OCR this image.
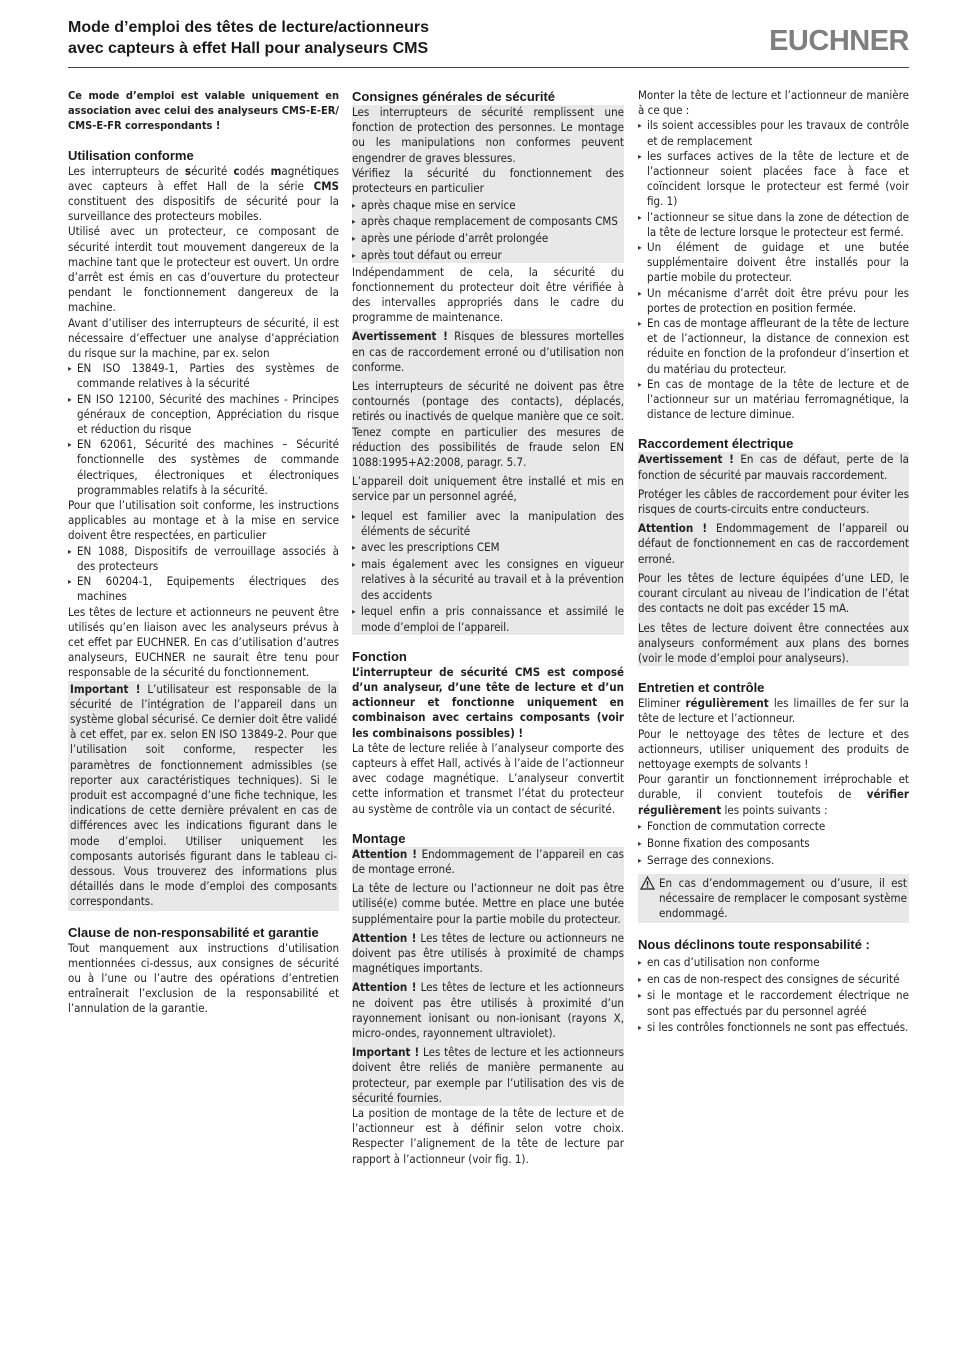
Mode d’emploi des têtes de lecture/actionneurs
avec capteurs à effet Hall pour analyseurs CMS	EUCHNER

Ce mode d’emploi est valable uniquement en association avec celui des analyseurs CMS-E-ER/ CMS-E-FR correspondants !

Utilisation conforme

Les interrupteurs de sécurité codés magnétiques avec capteurs à effet Hall de la série CMS constituent des dispositifs de sécurité pour la surveillance des protecteurs mobiles.

Utilisé avec un protecteur, ce composant de sécurité interdit tout mouvement dangereux de la machine tant que le protecteur est ouvert. Un ordre d’arrêt est émis en cas d’ouverture du protecteur pendant le fonctionnement dangereux de la machine.

Avant d’utiliser des interrupteurs de sécurité, il est nécessaire d’effectuer une analyse d’appréciation du risque sur la machine, par ex. selon

▸ EN ISO 13849-1, Parties des systèmes de commande relatives à la sécurité
▸ EN ISO 12100, Sécurité des machines - Principes généraux de conception, Appréciation du risque et réduction du risque
▸ EN 62061, Sécurité des machines – Sécurité fonctionnelle des systèmes de commande électriques, électroniques et électroniques programmables relatifs à la sécurité.

Pour que l’utilisation soit conforme, les instructions applicables au montage et à la mise en service doivent être respectées, en particulier

▸ EN 1088, Dispositifs de verrouillage associés à des protecteurs
▸ EN 60204-1, Equipements électriques des machines

Les têtes de lecture et actionneurs ne peuvent être utilisés qu’en liaison avec les analyseurs prévus à cet effet par EUCHNER. En cas d’utilisation d’autres analyseurs, EUCHNER ne saurait être tenu pour responsable de la sécurité du fonctionnement.

Important ! L’utilisateur est responsable de la sécurité de l’intégration de l’appareil dans un système global sécurisé. Ce dernier doit être validé à cet effet, par ex. selon EN ISO 13849-2. Pour que l’utilisation soit conforme, respecter les paramètres de fonctionnement admissibles (se reporter aux caractéristiques techniques). Si le produit est accompagné d’une fiche technique, les indications de cette dernière prévalent en cas de différences avec les indications figurant dans le mode d’emploi. Utiliser uniquement les composants autorisés figurant dans le tableau ci-dessous. Vous trouverez des informations plus détaillés dans le mode d’emploi des composants correspondants.

Clause de non-responsabilité et garantie

Tout manquement aux instructions d’utilisation mentionnées ci-dessus, aux consignes de sécurité ou à l’une ou l’autre des opérations d’entretien entraînerait l’exclusion de la responsabilité et l’annulation de la garantie.

Consignes générales de sécurité

Les interrupteurs de sécurité remplissent une fonction de protection des personnes. Le montage ou les manipulations non conformes peuvent engendrer de graves blessures.

Vérifiez la sécurité du fonctionnement des protecteurs en particulier

▸ après chaque mise en service
▸ après chaque remplacement de composants CMS
▸ après une période d’arrêt prolongée
▸ après tout défaut ou erreur

Indépendamment de cela, la sécurité du fonctionnement du protecteur doit être vérifiée à des intervalles appropriés dans le cadre du programme de maintenance.

Avertissement ! Risques de blessures mortelles en cas de raccordement erroné ou d’utilisation non conforme.

Les interrupteurs de sécurité ne doivent pas être contournés (pontage des contacts), déplacés, retirés ou inactivés de quelque manière que ce soit. Tenez compte en particulier des mesures de réduction des possibilités de fraude selon EN 1088:1995+A2:2008, paragr. 5.7.

L’appareil doit uniquement être installé et mis en service par un personnel agréé,

▸ lequel est familier avec la manipulation des éléments de sécurité
▸ avec les prescriptions CEM
▸ mais également avec les consignes en vigueur relatives à la sécurité au travail et à la prévention des accidents
▸ lequel enfin a pris connaissance et assimilé le mode d’emploi de l’appareil.
Fonction

L’interrupteur de sécurité CMS est composé d’un analyseur, d’une tête de lecture et d’un actionneur et fonctionne uniquement en combinaison avec certains composants (voir les combinaisons possibles) !

La tête de lecture reliée à l’analyseur comporte des capteurs à effet Hall, activés à l’aide de l’actionneur avec codage magnétique. L’analyseur convertit cette information et transmet l’état du protecteur au système de contrôle via un contact de sécurité.

Montage

Attention ! Endommagement de l’appareil en cas de montage erroné.

La tête de lecture ou l’actionneur ne doit pas être utilisé(e) comme butée. Mettre en place une butée supplémentaire pour la partie mobile du protecteur.

Attention ! Les têtes de lecture ou actionneurs ne doivent pas être utilisés à proximité de champs magnétiques importants.

Attention ! Les têtes de lecture et les actionneurs ne doivent pas être utilisés à proximité d’un rayonnement ionisant ou non-ionisant (rayons X, micro-ondes, rayonnement ultraviolet).

Important ! Les têtes de lecture et les actionneurs doivent être reliés de manière permanente au protecteur, par exemple par l’utilisation des vis de sécurité fournies.

La position de montage de la tête de lecture et de l’actionneur est à définir selon votre choix. Respecter l’alignement de la tête de lecture par rapport à l’actionneur (voir fig. 1).

Monter la tête de lecture et l’actionneur de manière à ce que :

▸ ils soient accessibles pour les travaux de contrôle et de remplacement
▸ les surfaces actives de la tête de lecture et de l’actionneur soient placées face à face et coïncident lorsque le protecteur est fermé (voir fig. 1)
▸ l’actionneur se situe dans la zone de détection de la tête de lecture lorsque le protecteur est fermé.
▸ Un élément de guidage et une butée supplémentaire doivent être installés pour la partie mobile du protecteur.
▸ Un mécanisme d’arrêt doit être prévu pour les portes de protection en position fermée.
▸ En cas de montage affleurant de la tête de lecture et de l’actionneur, la distance de connexion est réduite en fonction de la profondeur d’insertion et du matériau du protecteur.
▸ En cas de montage de la tête de lecture et de l’actionneur sur un matériau ferromagnétique, la distance de lecture diminue.
Raccordement électrique

Avertissement ! En cas de défaut, perte de la fonction de sécurité par mauvais raccordement.

Protéger les câbles de raccordement pour éviter les risques de courts-circuits entre conducteurs.

Attention ! Endommagement de l’appareil ou défaut de fonctionnement en cas de raccordement erroné.

Pour les têtes de lecture équipées d’une LED, le courant circulant au niveau de l’indication de l’état des contacts ne doit pas excéder 15 mA.

Les têtes de lecture doivent être connectées aux analyseurs conformément aux plans des bornes (voir le mode d’emploi pour analyseurs).

Entretien et contrôle

Eliminer régulièrement les limailles de fer sur la tête de lecture et l’actionneur.

Pour le nettoyage des têtes de lecture et des actionneurs, utiliser uniquement des produits de nettoyage exempts de solvants !

Pour garantir un fonctionnement irréprochable et durable, il convient toutefois de vérifier régulièrement les points suivants :

▸ Fonction de commutation correcte
▸ Bonne fixation des composants
▸ Serrage des connexions.

En cas d’endommagement ou d’usure, il est nécessaire de remplacer le composant système endommagé.

Nous déclinons toute responsabilité :
▸ en cas d’utilisation non conforme
▸ en cas de non-respect des consignes de sécurité
▸ si le montage et le raccordement électrique ne sont pas effectués par du personnel agréé
▸ si les contrôles fonctionnels ne sont pas effectués.
